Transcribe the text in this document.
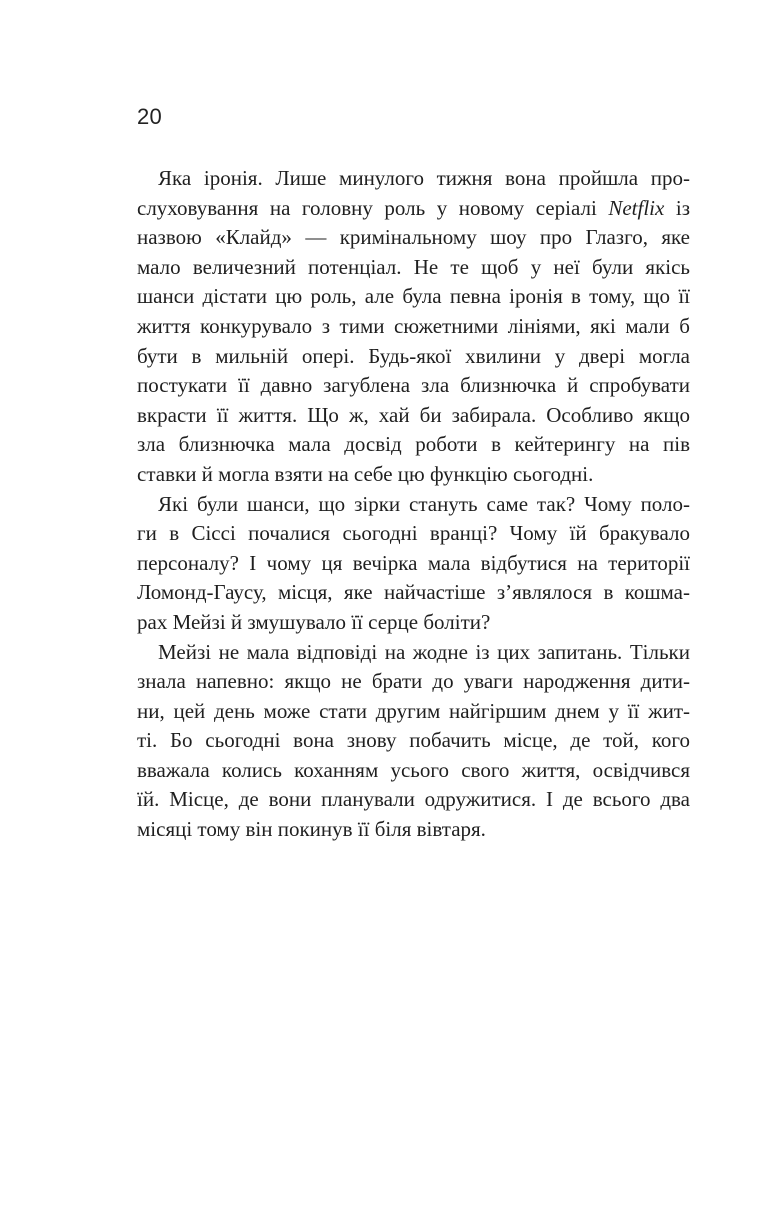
20
Яка іронія. Лише минулого тижня вона пройшла про-
слуховування на головну роль у новому серіалі Netflix із
назвою «Клайд» — кримінальному шоу про Глазго, яке
мало величезний потенціал. Не те щоб у неї були якісь
шанси дістати цю роль, але була певна іронія в тому, що її
життя конкурувало з тими сюжетними лініями, які мали б
бути в мильній опері. Будь-якої хвилини у двері могла
постукати її давно загублена зла близнючка й спробувати
вкрасти її життя. Що ж, хай би забирала. Особливо якщо
зла близнючка мала досвід роботи в кейтерингу на пів
ставки й могла взяти на себе цю функцію сьогодні.
Які були шанси, що зірки стануть саме так? Чому поло-
ги в Сіссі почалися сьогодні вранці? Чому їй бракувало
персоналу? І чому ця вечірка мала відбутися на території
Ломонд-Гаусу, місця, яке найчастіше з’являлося в кошма-
рах Мейзі й змушувало її серце боліти?
Мейзі не мала відповіді на жодне із цих запитань. Тільки
знала напевно: якщо не брати до уваги народження дити-
ни, цей день може стати другим найгіршим днем у її жит-
ті. Бо сьогодні вона знову побачить місце, де той, кого
вважала колись коханням усього свого життя, освідчився
їй. Місце, де вони планували одружитися. І де всього два
місяці тому він покинув її біля вівтаря.
